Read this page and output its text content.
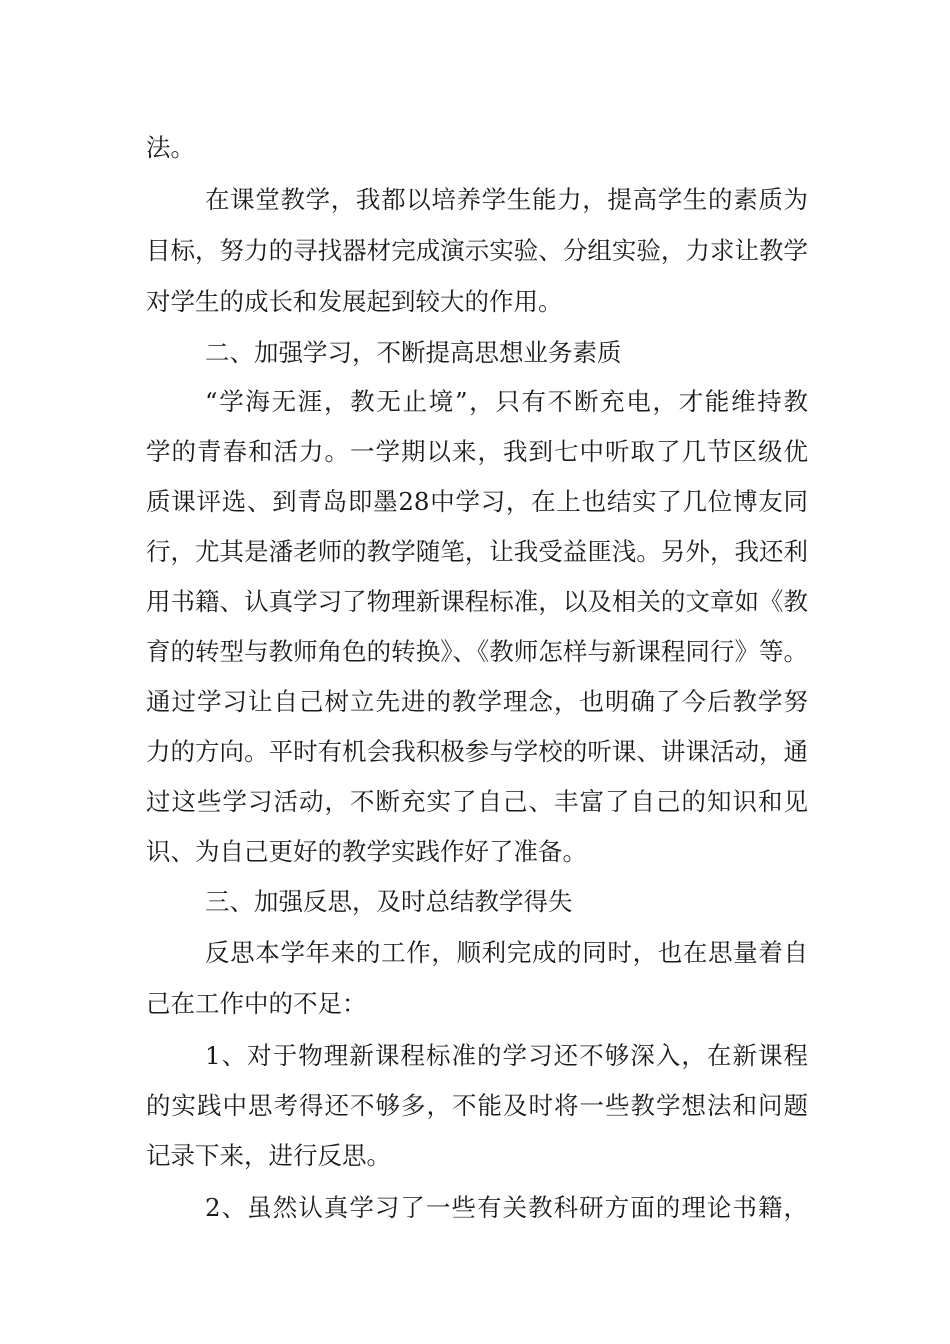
法。
在课堂教学，我都以培养学生能力，提高学生的素质为
目标，努力的寻找器材完成演示实验、分组实验，力求让教学
对学生的成长和发展起到较大的作用。
二、加强学习，不断提高思想业务素质
“学海无涯，教无止境”，只有不断充电，才能维持教
学的青春和活力。一学期以来，我到七中听取了几节区级优
质课评选、到青岛即墨28中学习，在上也结实了几位博友同
行，尤其是潘老师的教学随笔，让我受益匪浅。另外，我还利
用书籍、认真学习了物理新课程标准，以及相关的文章如《教
育的转型与教师角色的转换》、《教师怎样与新课程同行》等。
通过学习让自己树立先进的教学理念，也明确了今后教学努
力的方向。平时有机会我积极参与学校的听课、讲课活动，通
过这些学习活动，不断充实了自己、丰富了自己的知识和见
识、为自己更好的教学实践作好了准备。
三、加强反思，及时总结教学得失
反思本学年来的工作，顺利完成的同时，也在思量着自
己在工作中的不足：
1、对于物理新课程标准的学习还不够深入，在新课程
的实践中思考得还不够多，不能及时将一些教学想法和问题
记录下来，进行反思。
2、虽然认真学习了一些有关教科研方面的理论书籍，
